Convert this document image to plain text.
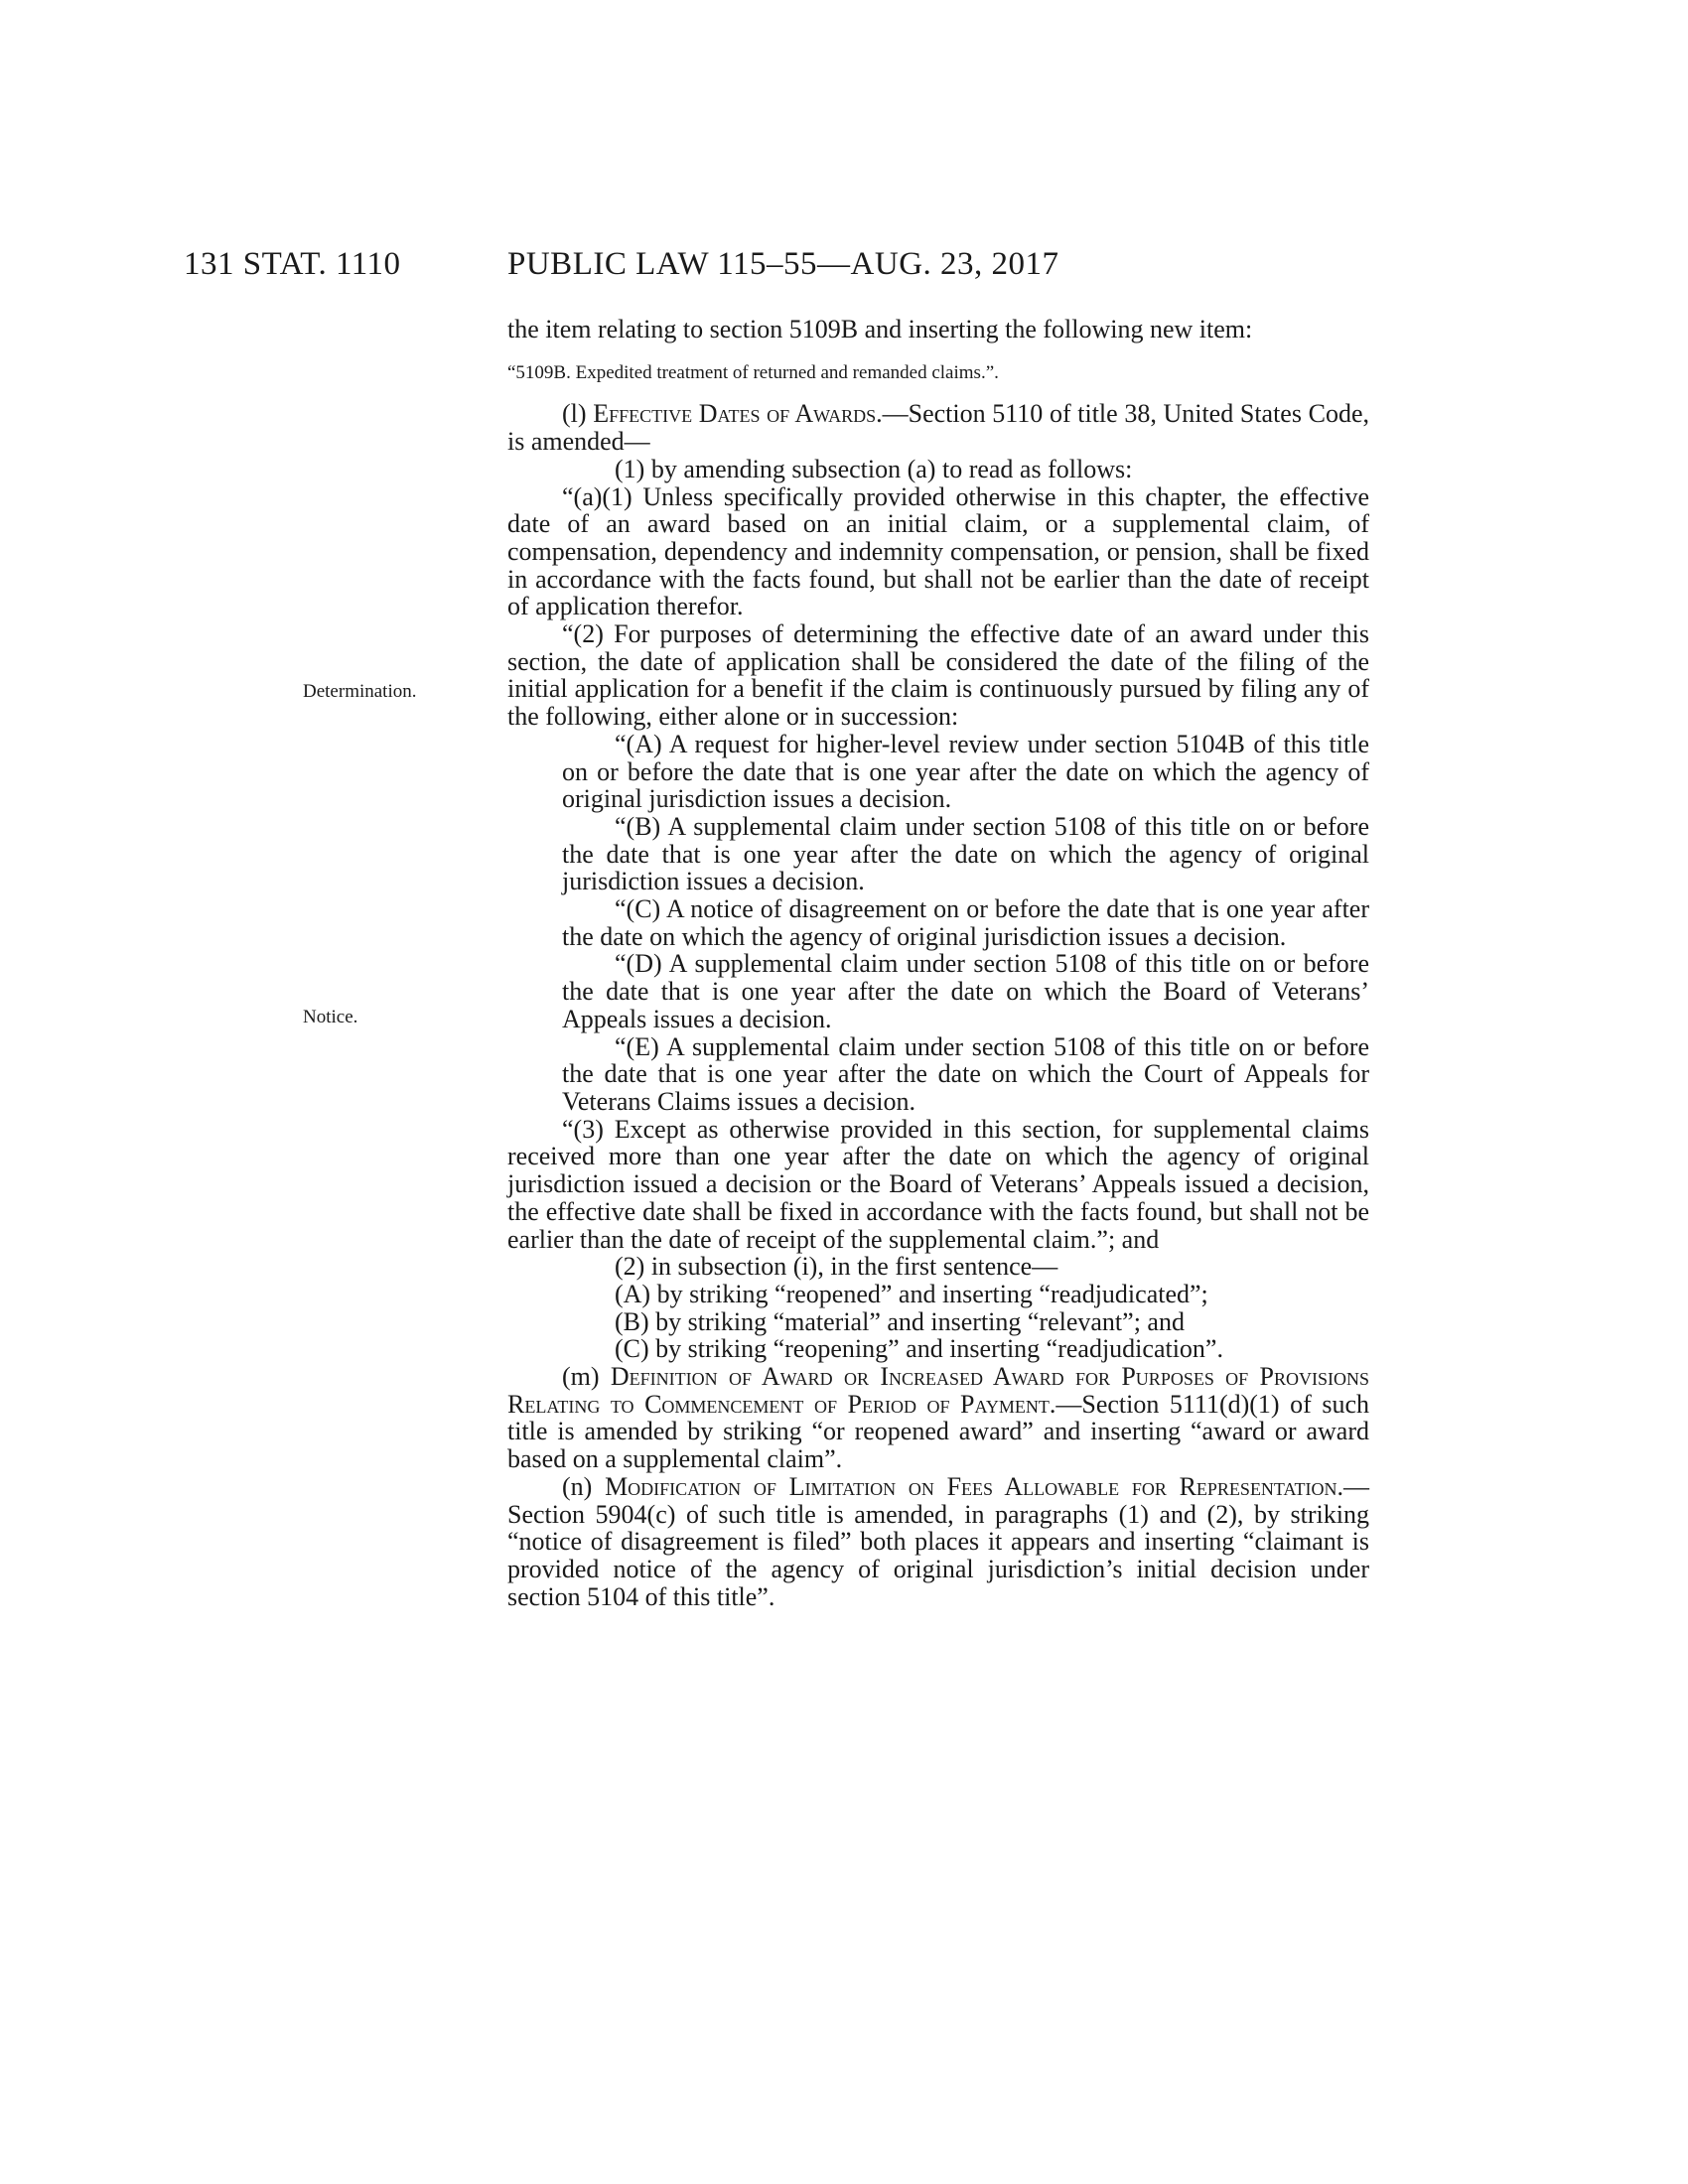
131 STAT. 1110	PUBLIC LAW 115–55—AUG. 23, 2017
Determination.
Notice.

the item relating to section 5109B and inserting the following new item:

“5109B. Expedited treatment of returned and remanded claims.”.

(l) Effective Dates of Awards.—Section 5110 of title 38, United States Code, is amended—

(1) by amending subsection (a) to read as follows:

“(a)(1) Unless specifically provided otherwise in this chapter, the effective date of an award based on an initial claim, or a supplemental claim, of compensation, dependency and indemnity compensation, or pension, shall be fixed in accordance with the facts found, but shall not be earlier than the date of receipt of application therefor.

“(2) For purposes of determining the effective date of an award under this section, the date of application shall be considered the date of the filing of the initial application for a benefit if the claim is continuously pursued by filing any of the following, either alone or in succession:

“(A) A request for higher-level review under section 5104B of this title on or before the date that is one year after the date on which the agency of original jurisdiction issues a decision.

“(B) A supplemental claim under section 5108 of this title on or before the date that is one year after the date on which the agency of original jurisdiction issues a decision.

“(C) A notice of disagreement on or before the date that is one year after the date on which the agency of original jurisdiction issues a decision.

“(D) A supplemental claim under section 5108 of this title on or before the date that is one year after the date on which the Board of Veterans’ Appeals issues a decision.

“(E) A supplemental claim under section 5108 of this title on or before the date that is one year after the date on which the Court of Appeals for Veterans Claims issues a decision.

“(3) Except as otherwise provided in this section, for supplemental claims received more than one year after the date on which the agency of original jurisdiction issued a decision or the Board of Veterans’ Appeals issued a decision, the effective date shall be fixed in accordance with the facts found, but shall not be earlier than the date of receipt of the supplemental claim.”; and

(2) in subsection (i), in the first sentence—

(A) by striking “reopened” and inserting “readjudicated”;

(B) by striking “material” and inserting “relevant”; and

(C) by striking “reopening” and inserting “readjudication”.

(m) Definition of Award or Increased Award for Purposes of Provisions Relating to Commencement of Period of Payment.—Section 5111(d)(1) of such title is amended by striking “or reopened award” and inserting “award or award based on a supplemental claim”.

(n) Modification of Limitation on Fees Allowable for Representation.—Section 5904(c) of such title is amended, in paragraphs (1) and (2), by striking “notice of disagreement is filed” both places it appears and inserting “claimant is provided notice of the agency of original jurisdiction’s initial decision under section 5104 of this title”.
